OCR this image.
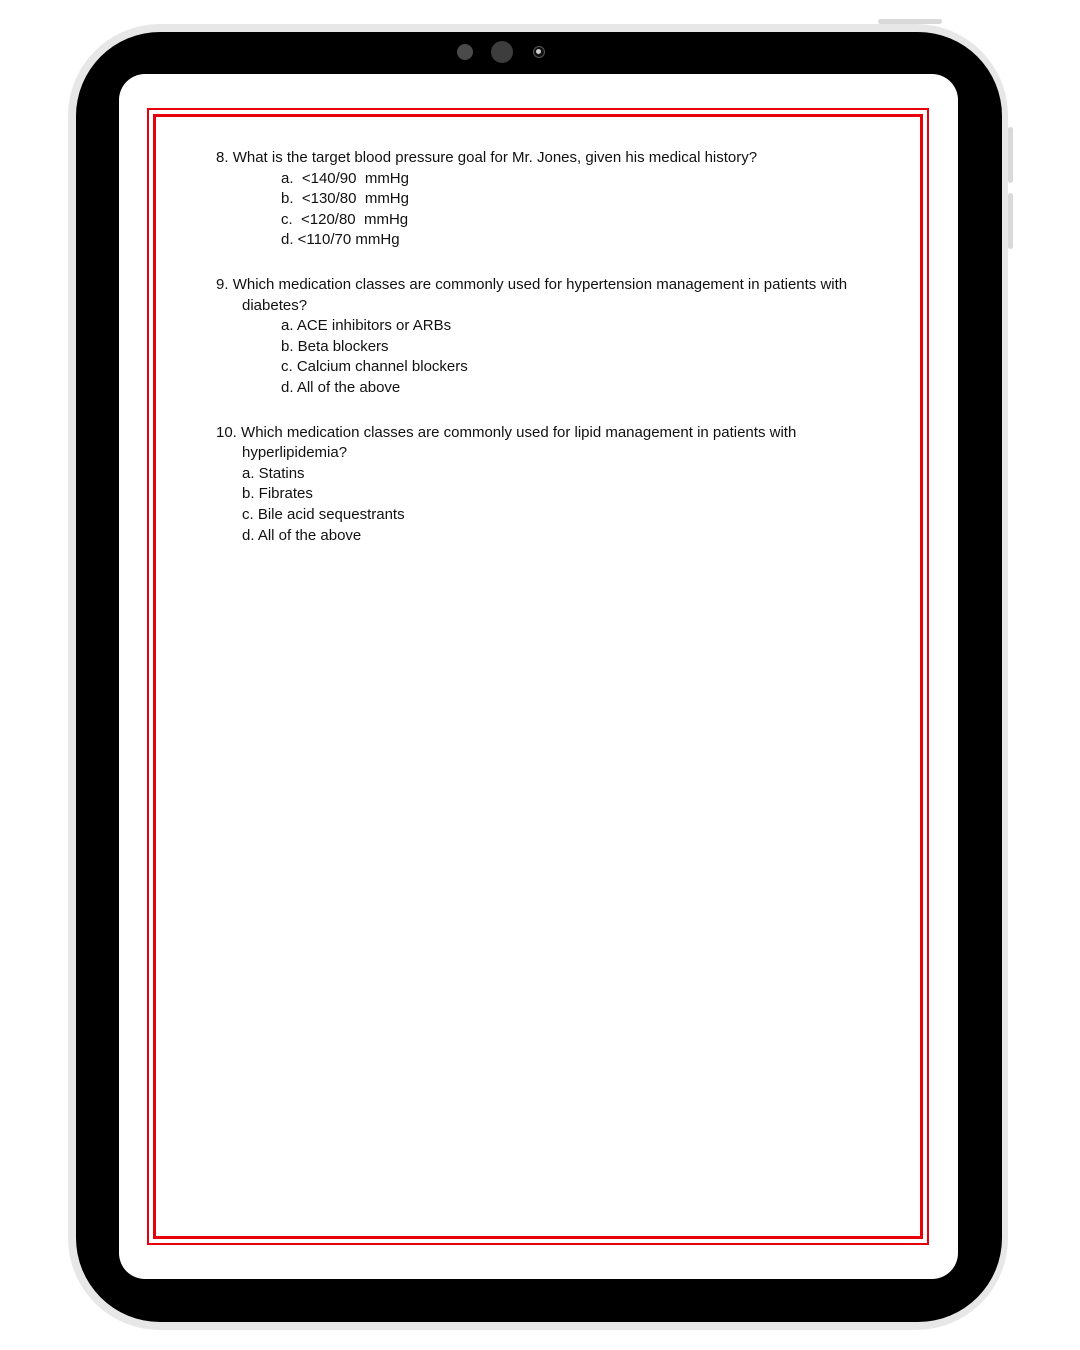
8. What is the target blood pressure goal for Mr. Jones, given his medical history?
a.  <140/90  mmHg
b.  <130/80  mmHg
c.  <120/80  mmHg
d. <110/70 mmHg
9. Which medication classes are commonly used for hypertension management in patients with diabetes?
a. ACE inhibitors or ARBs
b. Beta blockers
c. Calcium channel blockers
d. All of the above
10. Which medication classes are commonly used for lipid management in patients with hyperlipidemia?
a. Statins
b. Fibrates
c. Bile acid sequestrants
d. All of the above
